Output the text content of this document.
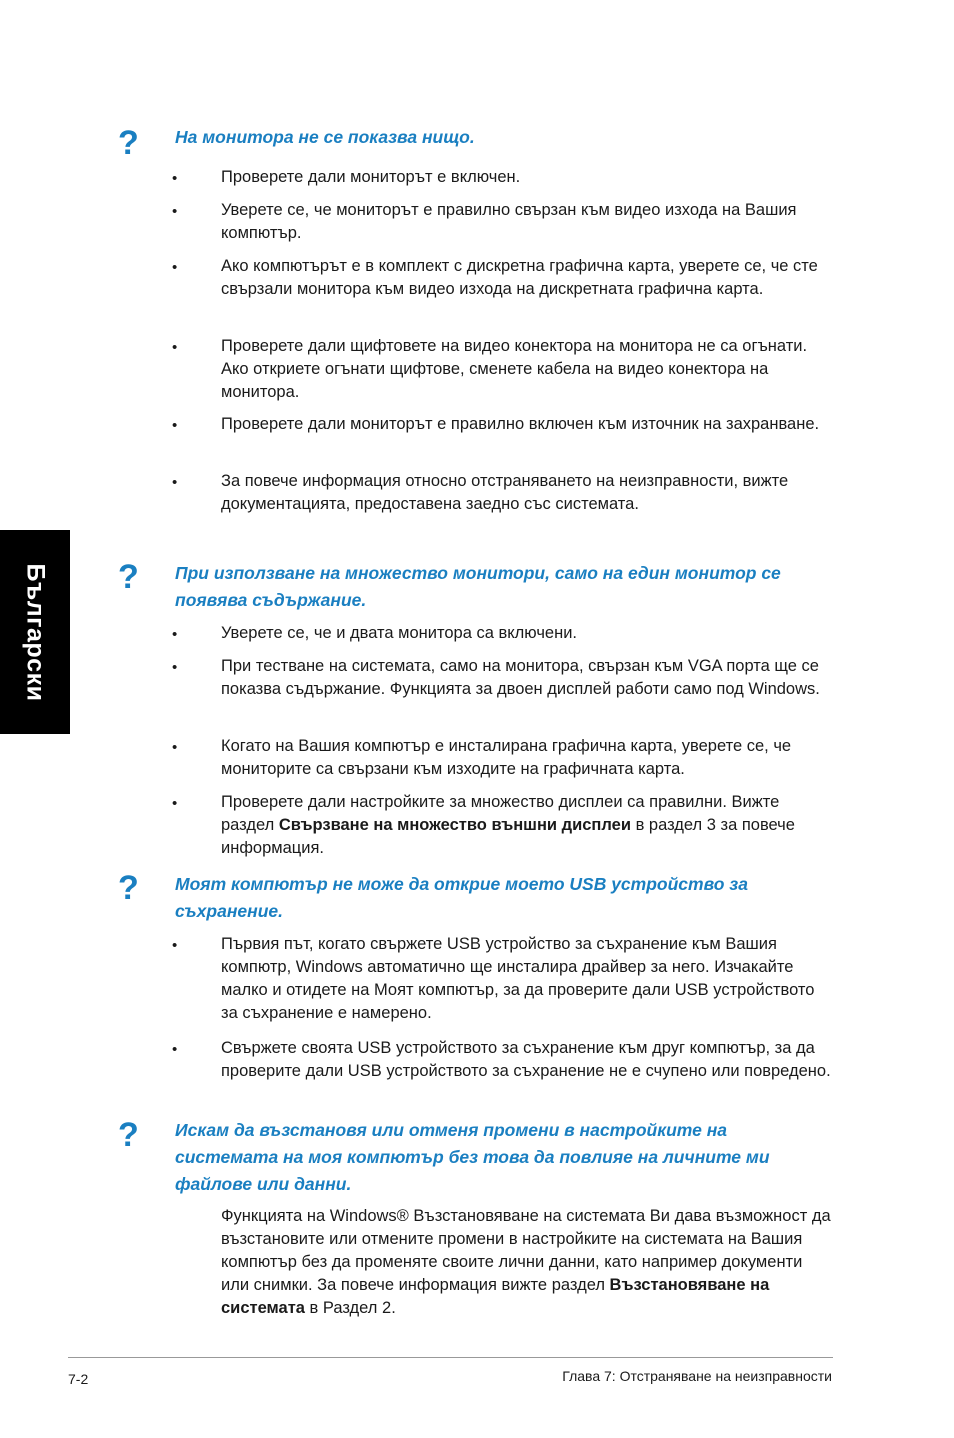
Български
? На монитора не се показва нищо.
•	Проверете дали мониторът е включен.
•	Уверете се, че мониторът е правилно свързан към видео изхода на Вашия компютър.
•	Ако компютърът е в комплект с дискретна графична карта, уверете се, че сте свързали монитора към видео изхода на дискретната графична карта.
•	Проверете дали щифтовете на видео конектора на монитора не са огънати. Ако откриете огънати щифтове, сменете кабела на видео конектора на монитора.
•	Проверете дали мониторът е правилно включен към източник на захранване.
•	За повече информация относно отстраняването на неизправности, вижте документацията, предоставена заедно със системата.
? При използване на множество монитори, само на един монитор се появява съдържание.
•	Уверете се, че и двата монитора са включени.
•	При тестване на системата, само на монитора, свързан към VGA порта ще се показва съдържание. Функцията за двоен дисплей работи само под Windows.
•	Когато на Вашия компютър е инсталирана графична карта, уверете се, че мониторите са свързани към изходите на графичната карта.
•	Проверете дали настройките за множество дисплеи са правилни. Вижте раздел Свързване на множество външни дисплеи в раздел 3 за повече информация.
? Моят компютър не може да открие моето USB устройство за съхранение.
•	Първия път, когато свържете USB устройство за съхранение към Вашия компютр, Windows автоматично ще инсталира драйвер за него. Изчакайте малко и отидете на Моят компютър, за да проверите дали USB устройството за съхранение е намерено.
•	Свържете своята USB устройството за съхранение към друг компютър, за да проверите дали USB устройството за съхранение не е счупено или повредено.
? Искам да възстановя или отменя промени в настройките на системата на моя компютър без това да повлияе на личните ми файлове или данни.
Функцията на Windows® Възстановяване на системата Ви дава възможност да възстановите или отмените промени в настройките на системата на Вашия компютър без да променяте своите лични данни, като например документи или снимки. За повече информация вижте раздел Възстановяване на системата в Раздел 2.
7-2	Глава 7: Отстраняване на неизправности
